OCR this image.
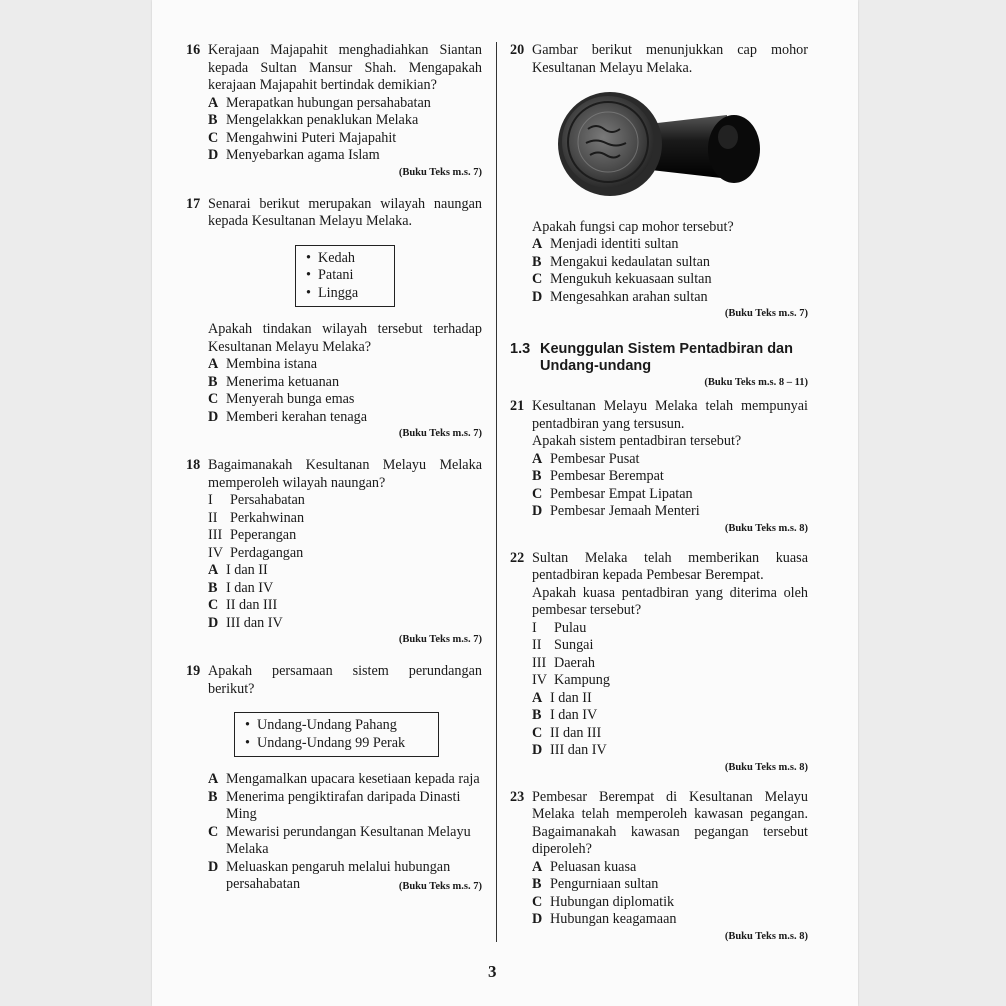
16 Kerajaan Majapahit menghadiahkan Siantan kepada Sultan Mansur Shah. Mengapakah kerajaan Majapahit bertindak demikian?
A Merapatkan hubungan persahabatan
B Mengelakkan penaklukan Melaka
C Mengahwini Puteri Majapahit
D Menyebarkan agama Islam
(Buku Teks m.s. 7)
17 Senarai berikut merupakan wilayah naungan kepada Kesultanan Melayu Melaka.
• Kedah
• Patani
• Lingga
Apakah tindakan wilayah tersebut terhadap Kesultanan Melayu Melaka?
A Membina istana
B Menerima ketuanan
C Menyerah bunga emas
D Memberi kerahan tenaga
(Buku Teks m.s. 7)
18 Bagaimanakah Kesultanan Melayu Melaka memperoleh wilayah naungan?
I Persahabatan
II Perkahwinan
III Peperangan
IV Perdagangan
A I dan II
B I dan IV
C II dan III
D III dan IV
(Buku Teks m.s. 7)
19 Apakah persamaan sistem perundangan berikut?
• Undang-Undang Pahang
• Undang-Undang 99 Perak
A Mengamalkan upacara kesetiaan kepada raja
B Menerima pengiktirafan daripada Dinasti Ming
C Mewarisi perundangan Kesultanan Melayu Melaka
D Meluaskan pengaruh melalui hubungan persahabatan	(Buku Teks m.s. 7)
20 Gambar berikut menunjukkan cap mohor Kesultanan Melayu Melaka.
Apakah fungsi cap mohor tersebut?
A Menjadi identiti sultan
B Mengakui kedaulatan sultan
C Mengukuh kekuasaan sultan
D Mengesahkan arahan sultan
(Buku Teks m.s. 7)
1.3 Keunggulan Sistem Pentadbiran dan Undang-undang
(Buku Teks m.s. 8 – 11)
21 Kesultanan Melayu Melaka telah mempunyai pentadbiran yang tersusun.
Apakah sistem pentadbiran tersebut?
A Pembesar Pusat
B Pembesar Berempat
C Pembesar Empat Lipatan
D Pembesar Jemaah Menteri
(Buku Teks m.s. 8)
22 Sultan Melaka telah memberikan kuasa pentadbiran kepada Pembesar Berempat.
Apakah kuasa pentadbiran yang diterima oleh pembesar tersebut?
I Pulau
II Sungai
III Daerah
IV Kampung
A I dan II
B I dan IV
C II dan III
D III dan IV
(Buku Teks m.s. 8)
23 Pembesar Berempat di Kesultanan Melayu Melaka telah memperoleh kawasan pegangan. Bagaimanakah kawasan pegangan tersebut diperoleh?
A Peluasan kuasa
B Pengurniaan sultan
C Hubungan diplomatik
D Hubungan keagamaan
(Buku Teks m.s. 8)
3
